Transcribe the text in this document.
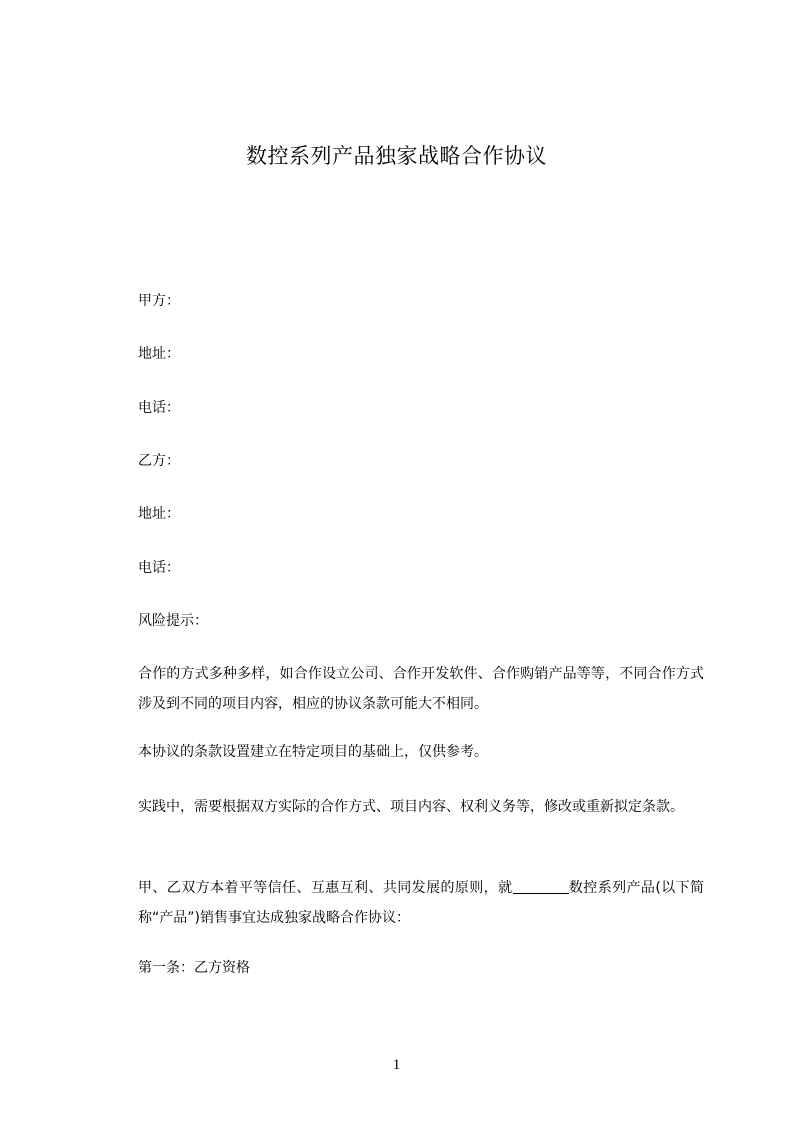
数控系列产品独家战略合作协议
甲方：
地址：
电话：
乙方：
地址：
电话：
风险提示：
合作的方式多种多样，如合作设立公司、合作开发软件、合作购销产品等等，不同合作方式涉及到不同的项目内容，相应的协议条款可能大不相同。
本协议的条款设置建立在特定项目的基础上，仅供参考。
实践中，需要根据双方实际的合作方式、项目内容、权利义务等，修改或重新拟定条款。
甲、乙双方本着平等信任、互惠互利、共同发展的原则，就	数控系列产品(以下简称“产品”)销售事宜达成独家战略合作协议：
第一条：乙方资格
1
